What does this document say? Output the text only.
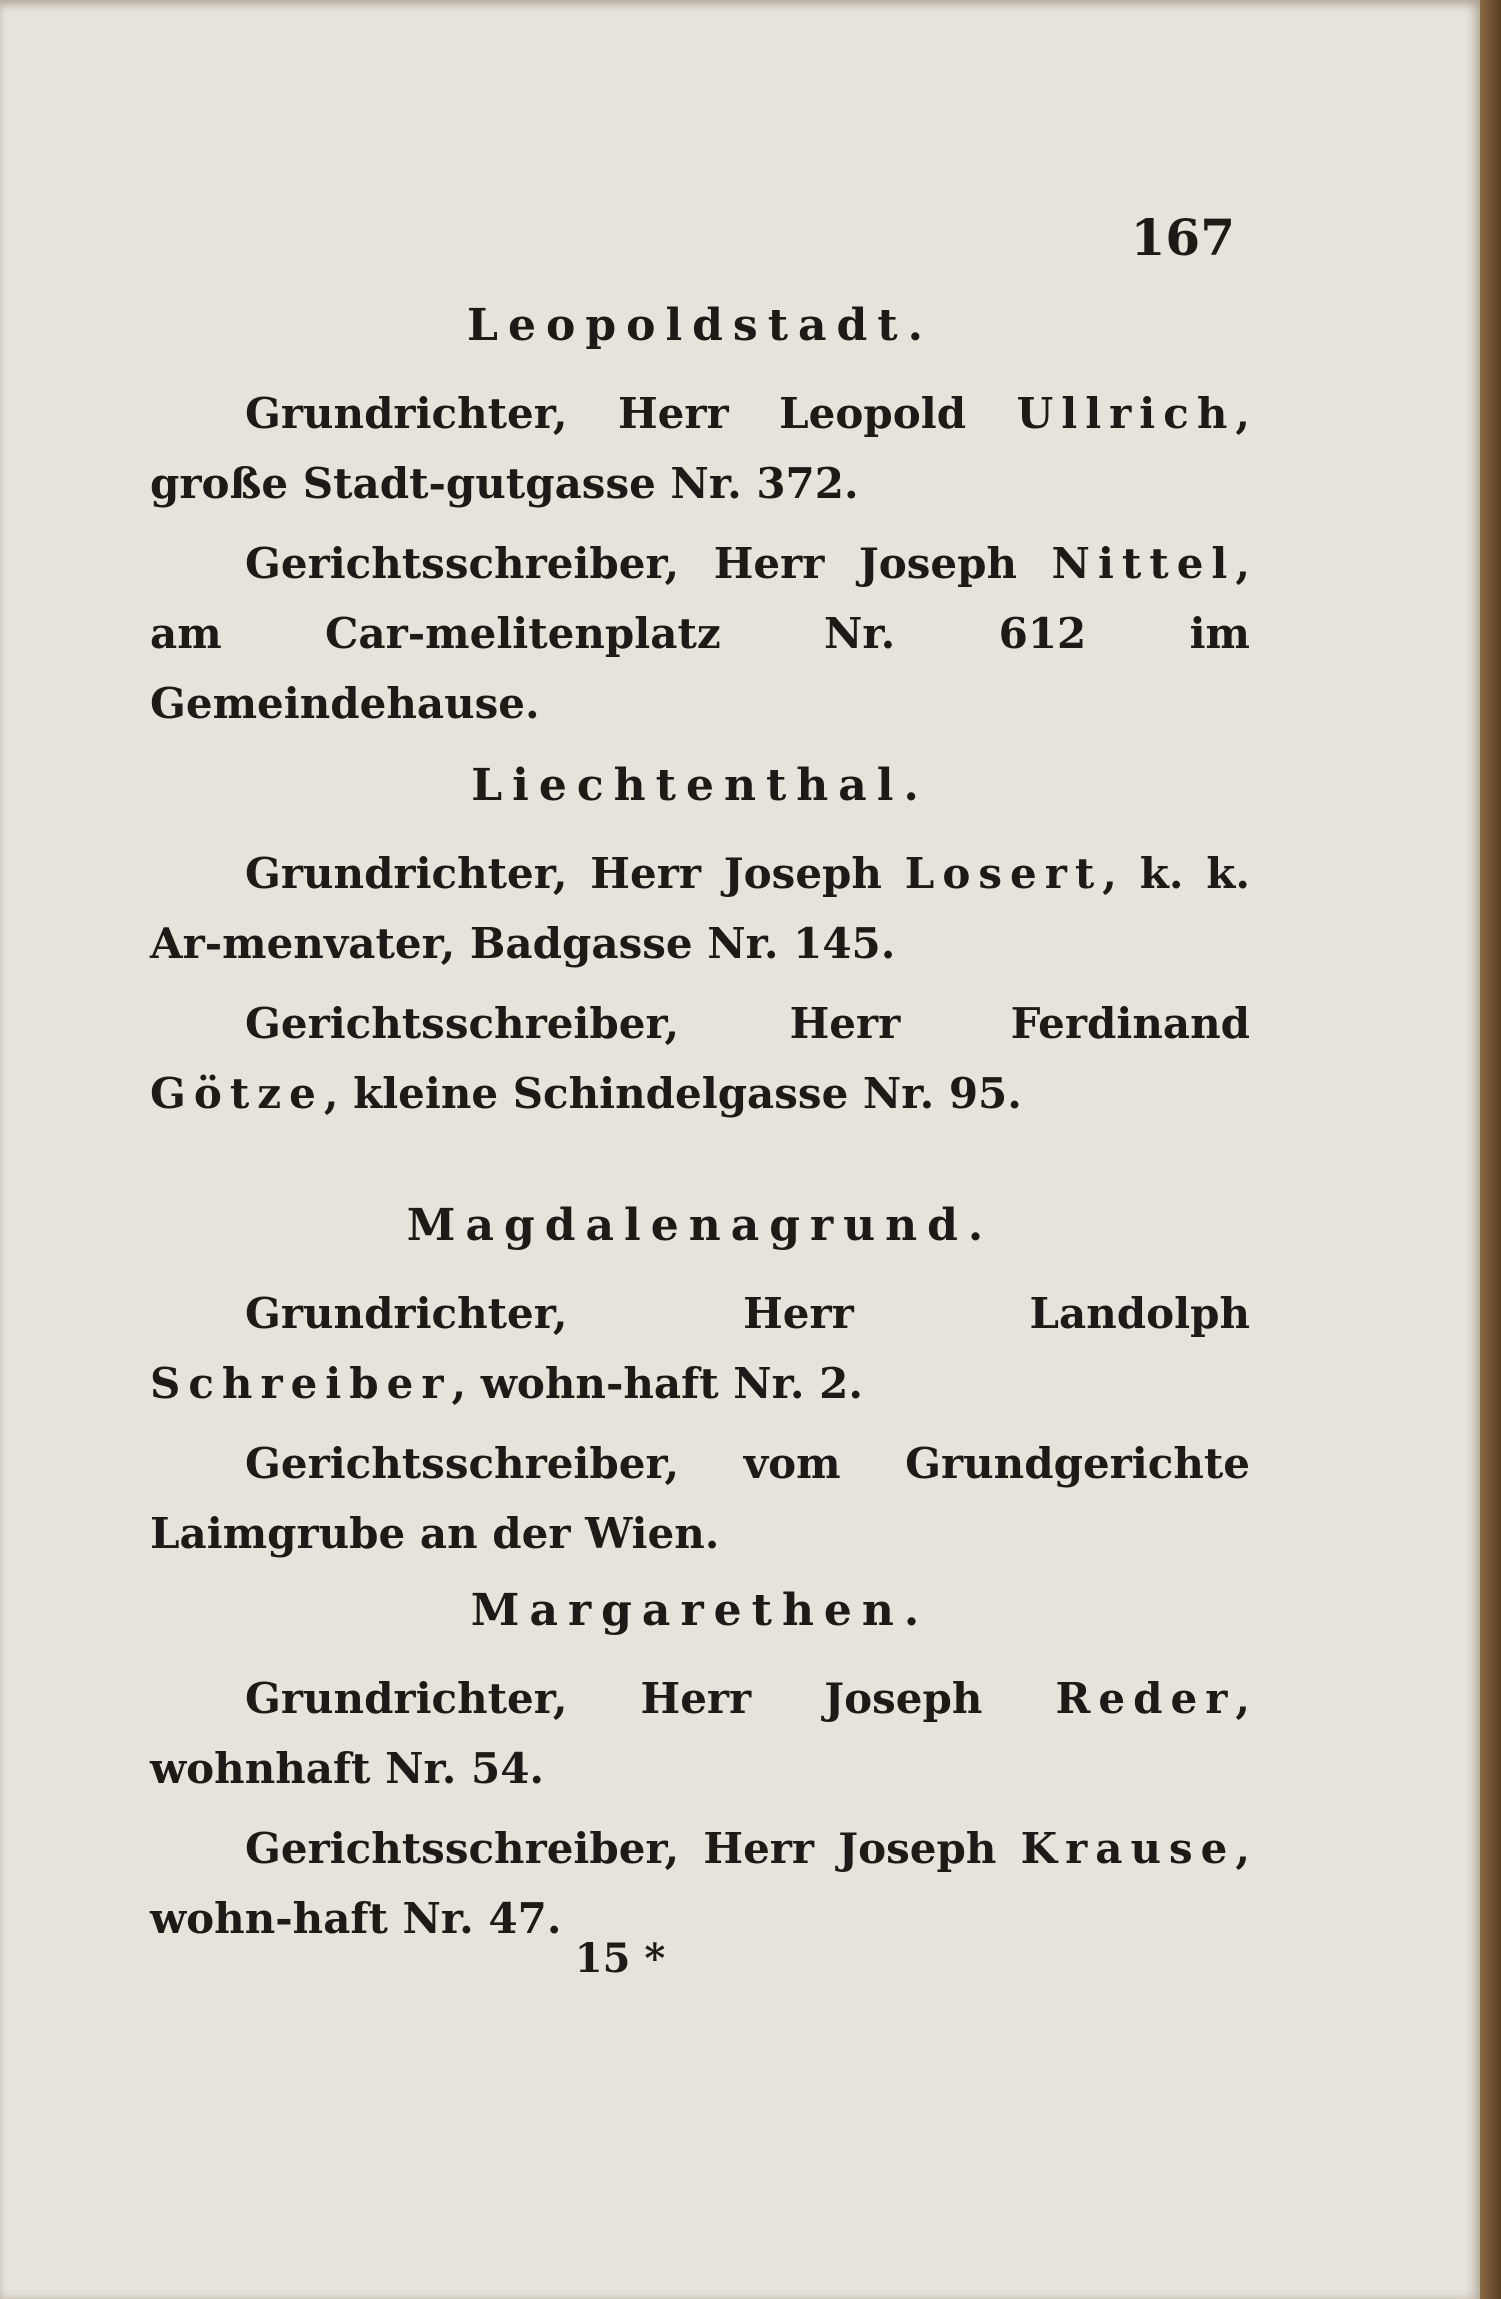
167
Leopoldstadt.

Grundrichter, Herr Leopold Ullrich, große Stadt-gutgasse Nr. 372.

Gerichtsschreiber, Herr Joseph Nittel, am Car-melitenplatz Nr. 612 im Gemeindehause.

Liechtenthal.

Grundrichter, Herr Joseph Losert, k. k. Ar-menvater, Badgasse Nr. 145.

Gerichtsschreiber, Herr Ferdinand Götze, kleine Schindelgasse Nr. 95.

Magdalenagrund.

Grundrichter, Herr Landolph Schreiber, wohn-haft Nr. 2.

Gerichtsschreiber, vom Grundgerichte Laimgrube an der Wien.

Margarethen.

Grundrichter, Herr Joseph Reder, wohnhaft Nr. 54.

Gerichtsschreiber, Herr Joseph Krause, wohn-haft Nr. 47.

15 *
